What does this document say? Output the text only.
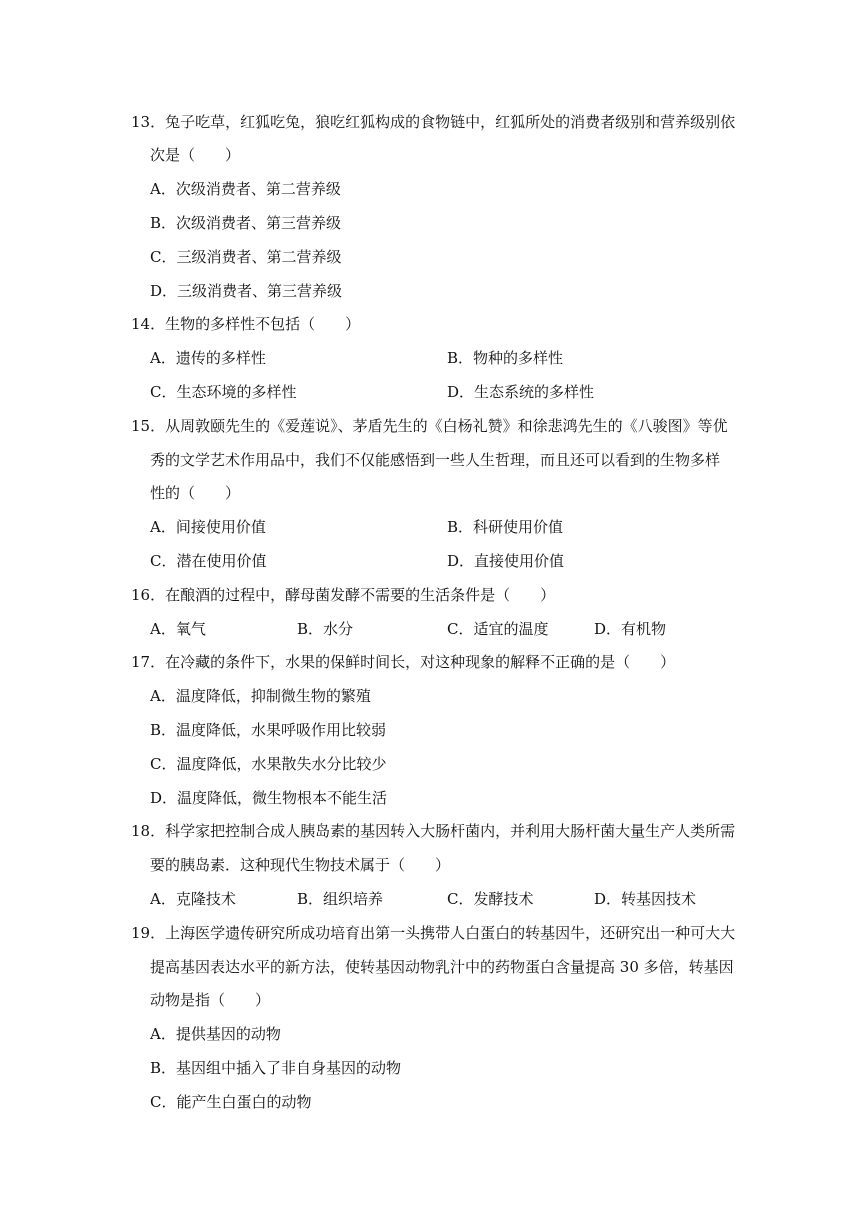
13．兔子吃草，红狐吃兔，狼吃红狐构成的食物链中，红狐所处的消费者级别和营养级别依
次是（　　）
A．次级消费者、第二营养级
B．次级消费者、第三营养级
C．三级消费者、第二营养级
D．三级消费者、第三营养级
14．生物的多样性不包括（　　）
A．遗传的多样性	B．物种的多样性
C．生态环境的多样性	D．生态系统的多样性
15．从周敦颐先生的《爱莲说》、茅盾先生的《白杨礼赞》和徐悲鸿先生的《八骏图》等优
秀的文学艺术作用品中，我们不仅能感悟到一些人生哲理，而且还可以看到的生物多样
性的（　　）
A．间接使用价值	B．科研使用价值
C．潜在使用价值	D．直接使用价值
16．在酿酒的过程中，酵母菌发酵不需要的生活条件是（　　）
A．氧气	B．水分	C．适宜的温度	D．有机物
17．在冷藏的条件下，水果的保鲜时间长，对这种现象的解释不正确的是（　　）
A．温度降低，抑制微生物的繁殖
B．温度降低，水果呼吸作用比较弱
C．温度降低，水果散失水分比较少
D．温度降低，微生物根本不能生活
18．科学家把控制合成人胰岛素的基因转入大肠杆菌内，并利用大肠杆菌大量生产人类所需
要的胰岛素．这种现代生物技术属于（　　）
A．克隆技术	B．组织培养	C．发酵技术	D．转基因技术
19．上海医学遗传研究所成功培育出第一头携带人白蛋白的转基因牛，还研究出一种可大大
提高基因表达水平的新方法，使转基因动物乳汁中的药物蛋白含量提高 30 多倍，转基因
动物是指（　　）
A．提供基因的动物
B．基因组中插入了非自身基因的动物
C．能产生白蛋白的动物
